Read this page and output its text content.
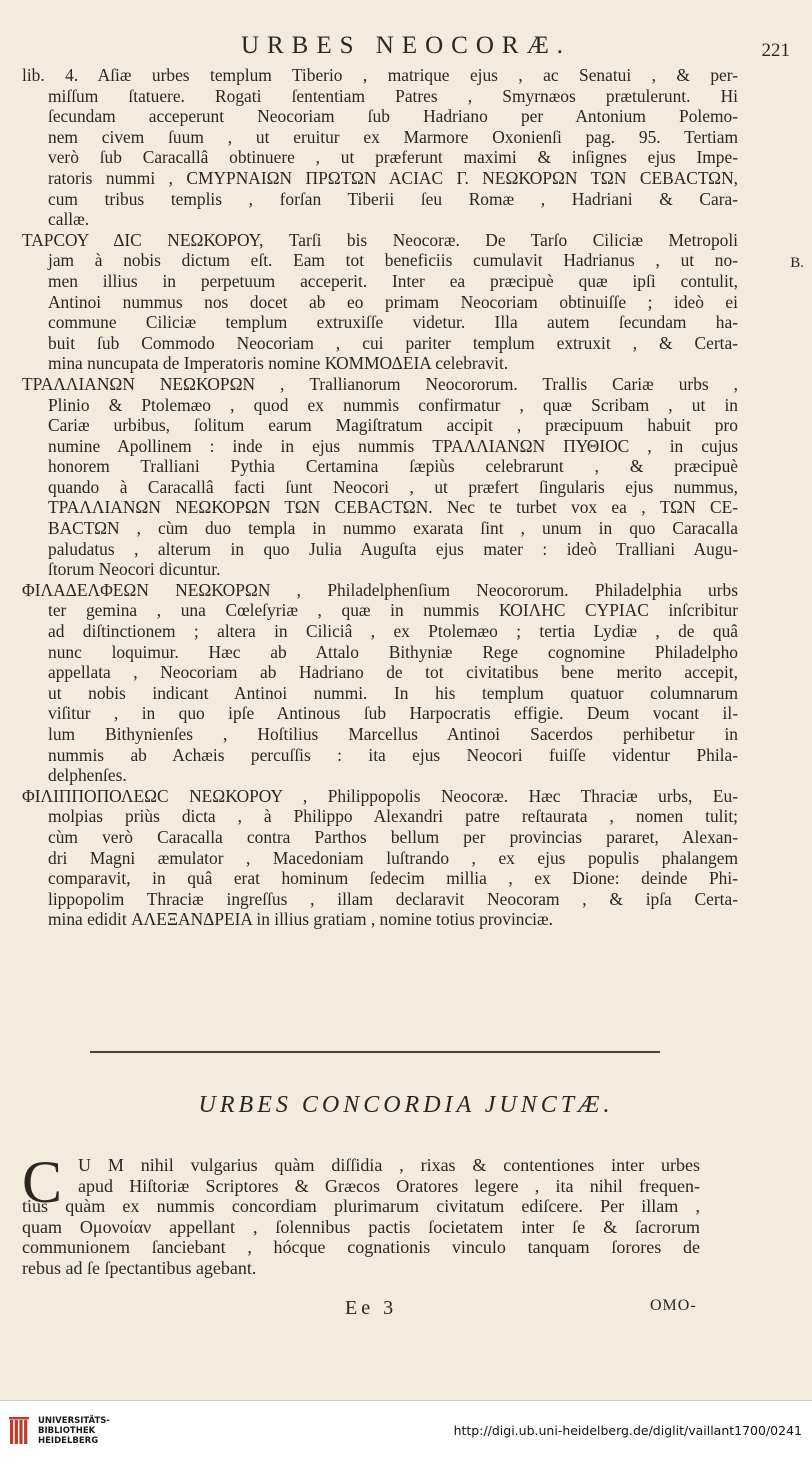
URBES NEOCORÆ.	221
lib. 4. Aſiæ urbes templum Tiberio , matrique ejus , ac Senatui , & per-
miſſum ſtatuere. Rogati ſententiam Patres , Smyrnæos prætulerunt. Hi
ſecundam acceperunt Neocoriam ſub Hadriano per Antonium Polemo-
nem civem ſuum , ut eruitur ex Marmore Oxonienſi pag. 95. Tertiam
verò ſub Caracallâ obtinuere , ut præferunt maximi & inſignes ejus Impe-
ratoris nummi , CΜΥΡΝΑΙΩΝ ΠΡΩΤΩΝ ΑCΙΑC Γ. ΝΕΩΚΟΡΩΝ ΤΩΝ CΕΒΑCΤΩΝ,
cum tribus templis , forſan Tiberii ſeu Romæ , Hadriani & Cara-
callæ.
ΤΑΡCΟΥ ΔΙC ΝΕΩΚΟΡΟΥ, Tarſi bis Neocoræ. De Tarſo Ciliciæ Metropoli
jam à nobis dictum eſt. Eam tot beneficiis cumulavit Hadrianus , ut no-
men illius in perpetuum acceperit. Inter ea præcipuè quæ ipſi contulit,
Antinoi nummus nos docet ab eo primam Neocoriam obtinuiſſe ; ideò ei
commune Ciliciæ templum extruxiſſe videtur. Illa autem ſecundam ha-
buit ſub Commodo Neocoriam , cui pariter templum extruxit , & Certa-
mina nuncupata de Imperatoris nomine ΚΟΜΜΟΔΕΙΑ celebravit.
ΤΡΑΛΛΙΑΝΩΝ ΝΕΩΚΟΡΩΝ , Trallianorum Neocororum. Trallis Cariæ urbs ,
Plinio & Ptolemæo , quod ex nummis confirmatur , quæ Scribam , ut in
Cariæ urbibus, ſolitum earum Magiſtratum accipit , præcipuum habuit pro
numine Apollinem : inde in ejus nummis ΤΡΑΛΛΙΑΝΩΝ ΠΥΘΙΟC , in cujus
honorem Tralliani Pythia Certamina ſæpiùs celebrarunt , & præcipuè
quando à Caracallâ facti ſunt Neocori , ut præfert ſingularis ejus nummus,
ΤΡΑΛΛΙΑΝΩΝ ΝΕΩΚΟΡΩΝ ΤΩΝ CΕΒΑCΤΩΝ. Nec te turbet vox ea , ΤΩΝ CΕ-
ΒΑCΤΩΝ , cùm duo templa in nummo exarata ſint , unum in quo Caracalla
paludatus , alterum in quo Julia Auguſta ejus mater : ideò Tralliani Augu-
ſtorum Neocori dicuntur.
ΦΙΛΑΔΕΛΦΕΩΝ ΝΕΩΚΟΡΩΝ , Philadelphenſium Neocororum. Philadelphia urbs
ter gemina , una Cœleſyriæ , quæ in nummis ΚΟΙΛΗC CΥΡΙΑC inſcribitur
ad diſtinctionem ; altera in Ciliciâ , ex Ptolemæo ; tertia Lydiæ , de quâ
nunc loquimur. Hæc ab Attalo Bithyniæ Rege cognomine Philadelpho
appellata , Neocoriam ab Hadriano de tot civitatibus bene merito accepit,
ut nobis indicant Antinoi nummi. In his templum quatuor columnarum
viſitur , in quo ipſe Antinous ſub Harpocratis effigie. Deum vocant il-
lum Bithynienſes , Hoſtilius Marcellus Antinoi Sacerdos perhibetur in
nummis ab Achæis percuſſis : ita ejus Neocori fuiſſe videntur Phila-
delphenſes.
ΦΙΛΙΠΠΟΠΟΛΕΩC ΝΕΩΚΟΡΟΥ , Philippopolis Neocoræ. Hæc Thraciæ urbs, Eu-
molpias priùs dicta , à Philippo Alexandri patre reſtaurata , nomen tulit;
cùm verò Caracalla contra Parthos bellum per provincias pararet, Alexan-
dri Magni æmulator , Macedoniam luſtrando , ex ejus populis phalangem
comparavit, in quâ erat hominum ſedecim millia , ex Dione: deinde Phi-
lippopolim Thraciæ ingreſſus , illam declaravit Neocoram , & ipſa Certa-
mina edidit ΑΛΕΞΑΝΔΡΕΙΑ in illius gratiam , nomine totius provinciæ.
B.
URBES CONCORDIA JUNCTÆ.
C U M nihil vulgarius quàm diſſidia , rixas & contentiones inter urbes
apud Hiſtoriæ Scriptores & Græcos Oratores legere , ita nihil frequen-
tius quàm ex nummis concordiam plurimarum civitatum ediſcere. Per illam ,
quam Ομονοίαν appellant , ſolennibus pactis ſocietatem inter ſe & ſacrorum
communionem ſanciebant , hócque cognationis vinculo tanquam ſorores de
rebus ad ſe ſpectantibus agebant.
Ee 3	ΟΜΟ-
UNIVERSITÄTS-
BIBLIOTHEK
HEIDELBERG
http://digi.ub.uni-heidelberg.de/diglit/vaillant1700/0241
